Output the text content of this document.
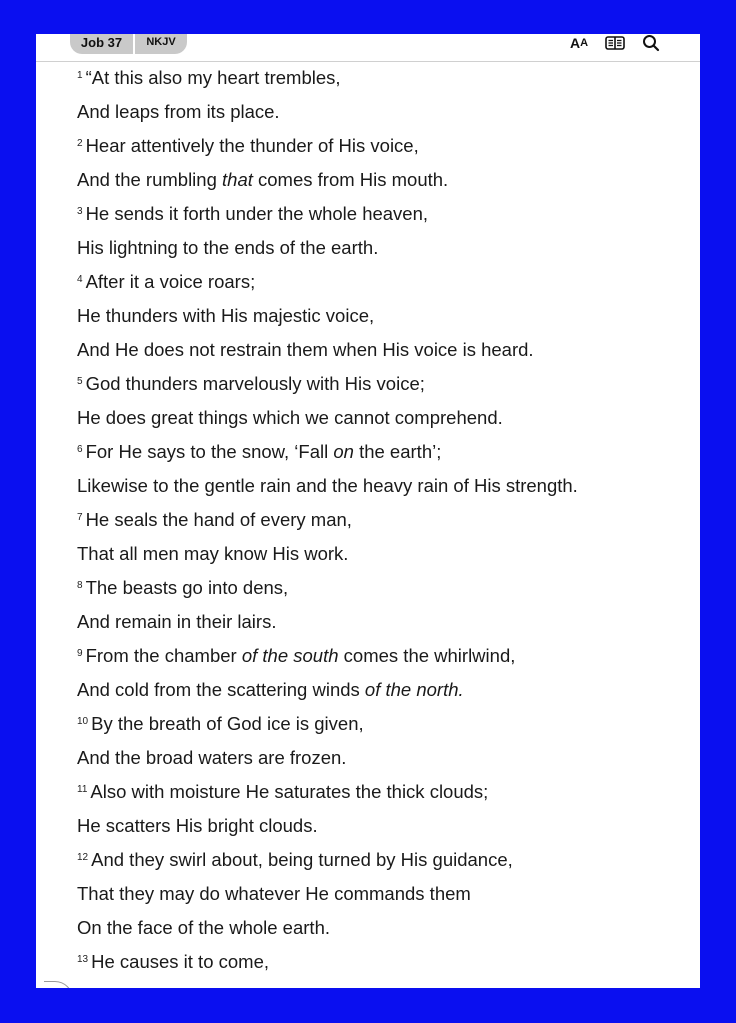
Job 37	NKJV	A A
$^1$ “At this also my heart trembles,
And leaps from its place.
$^2$ Hear attentively the thunder of His voice,
And the rumbling that comes from His mouth.
$^3$ He sends it forth under the whole heaven,
His lightning to the ends of the earth.
$^4$ After it a voice roars;
He thunders with His majestic voice,
And He does not restrain them when His voice is heard.
$^5$ God thunders marvelously with His voice;
He does great things which we cannot comprehend.
$^6$ For He says to the snow, ‘Fall on the earth’;
Likewise to the gentle rain and the heavy rain of His strength.
$^7$ He seals the hand of every man,
That all men may know His work.
$^8$ The beasts go into dens,
And remain in their lairs.
$^9$ From the chamber of the south comes the whirlwind,
And cold from the scattering winds of the north.
$^{10}$ By the breath of God ice is given,
And the broad waters are frozen.
$^{11}$ Also with moisture He saturates the thick clouds;
He scatters His bright clouds.
$^{12}$ And they swirl about, being turned by His guidance,
That they may do whatever He commands them
On the face of the whole earth.
$^{13}$ He causes it to come,
